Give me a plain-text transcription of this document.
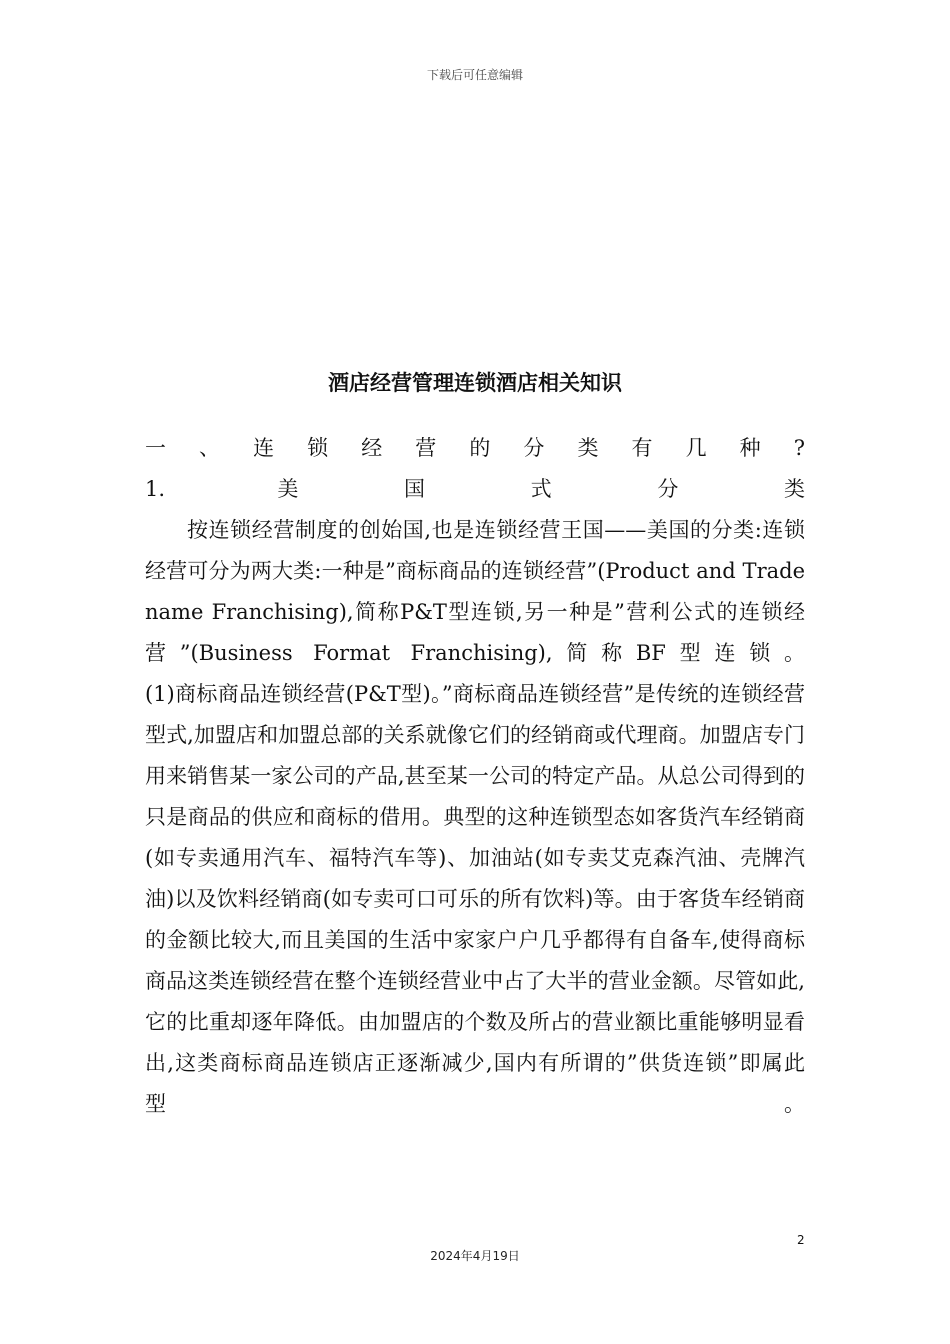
下载后可任意编辑
酒店经营管理连锁酒店相关知识

一、连锁经营的分类有几种?

1. 美国式分类

按连锁经营制度的创始国,也是连锁经营王国——美国的分类:连锁经营可分为两大类:一种是”商标商品的连锁经营”(Product and Trade name Franchising),简称P&T型连锁,另一种是”营利公式的连锁经营”(Business Format Franchising),简称BF型连锁。

(1)商标商品连锁经营(P&T型)。”商标商品连锁经营”是传统的连锁经营型式,加盟店和加盟总部的关系就像它们的经销商或代理商。加盟店专门用来销售某一家公司的产品,甚至某一公司的特定产品。从总公司得到的只是商品的供应和商标的借用。典型的这种连锁型态如客货汽车经销商(如专卖通用汽车、福特汽车等)、加油站(如专卖艾克森汽油、壳牌汽油)以及饮料经销商(如专卖可口可乐的所有饮料)等。由于客货车经销商的金额比较大,而且美国的生活中家家户户几乎都得有自备车,使得商标商品这类连锁经营在整个连锁经营业中占了大半的营业金额。尽管如此,它的比重却逐年降低。由加盟店的个数及所占的营业额比重能够明显看出,这类商标商品连锁店正逐渐减少,国内有所谓的”供货连锁”即属此型。

2
2024年4月19日
